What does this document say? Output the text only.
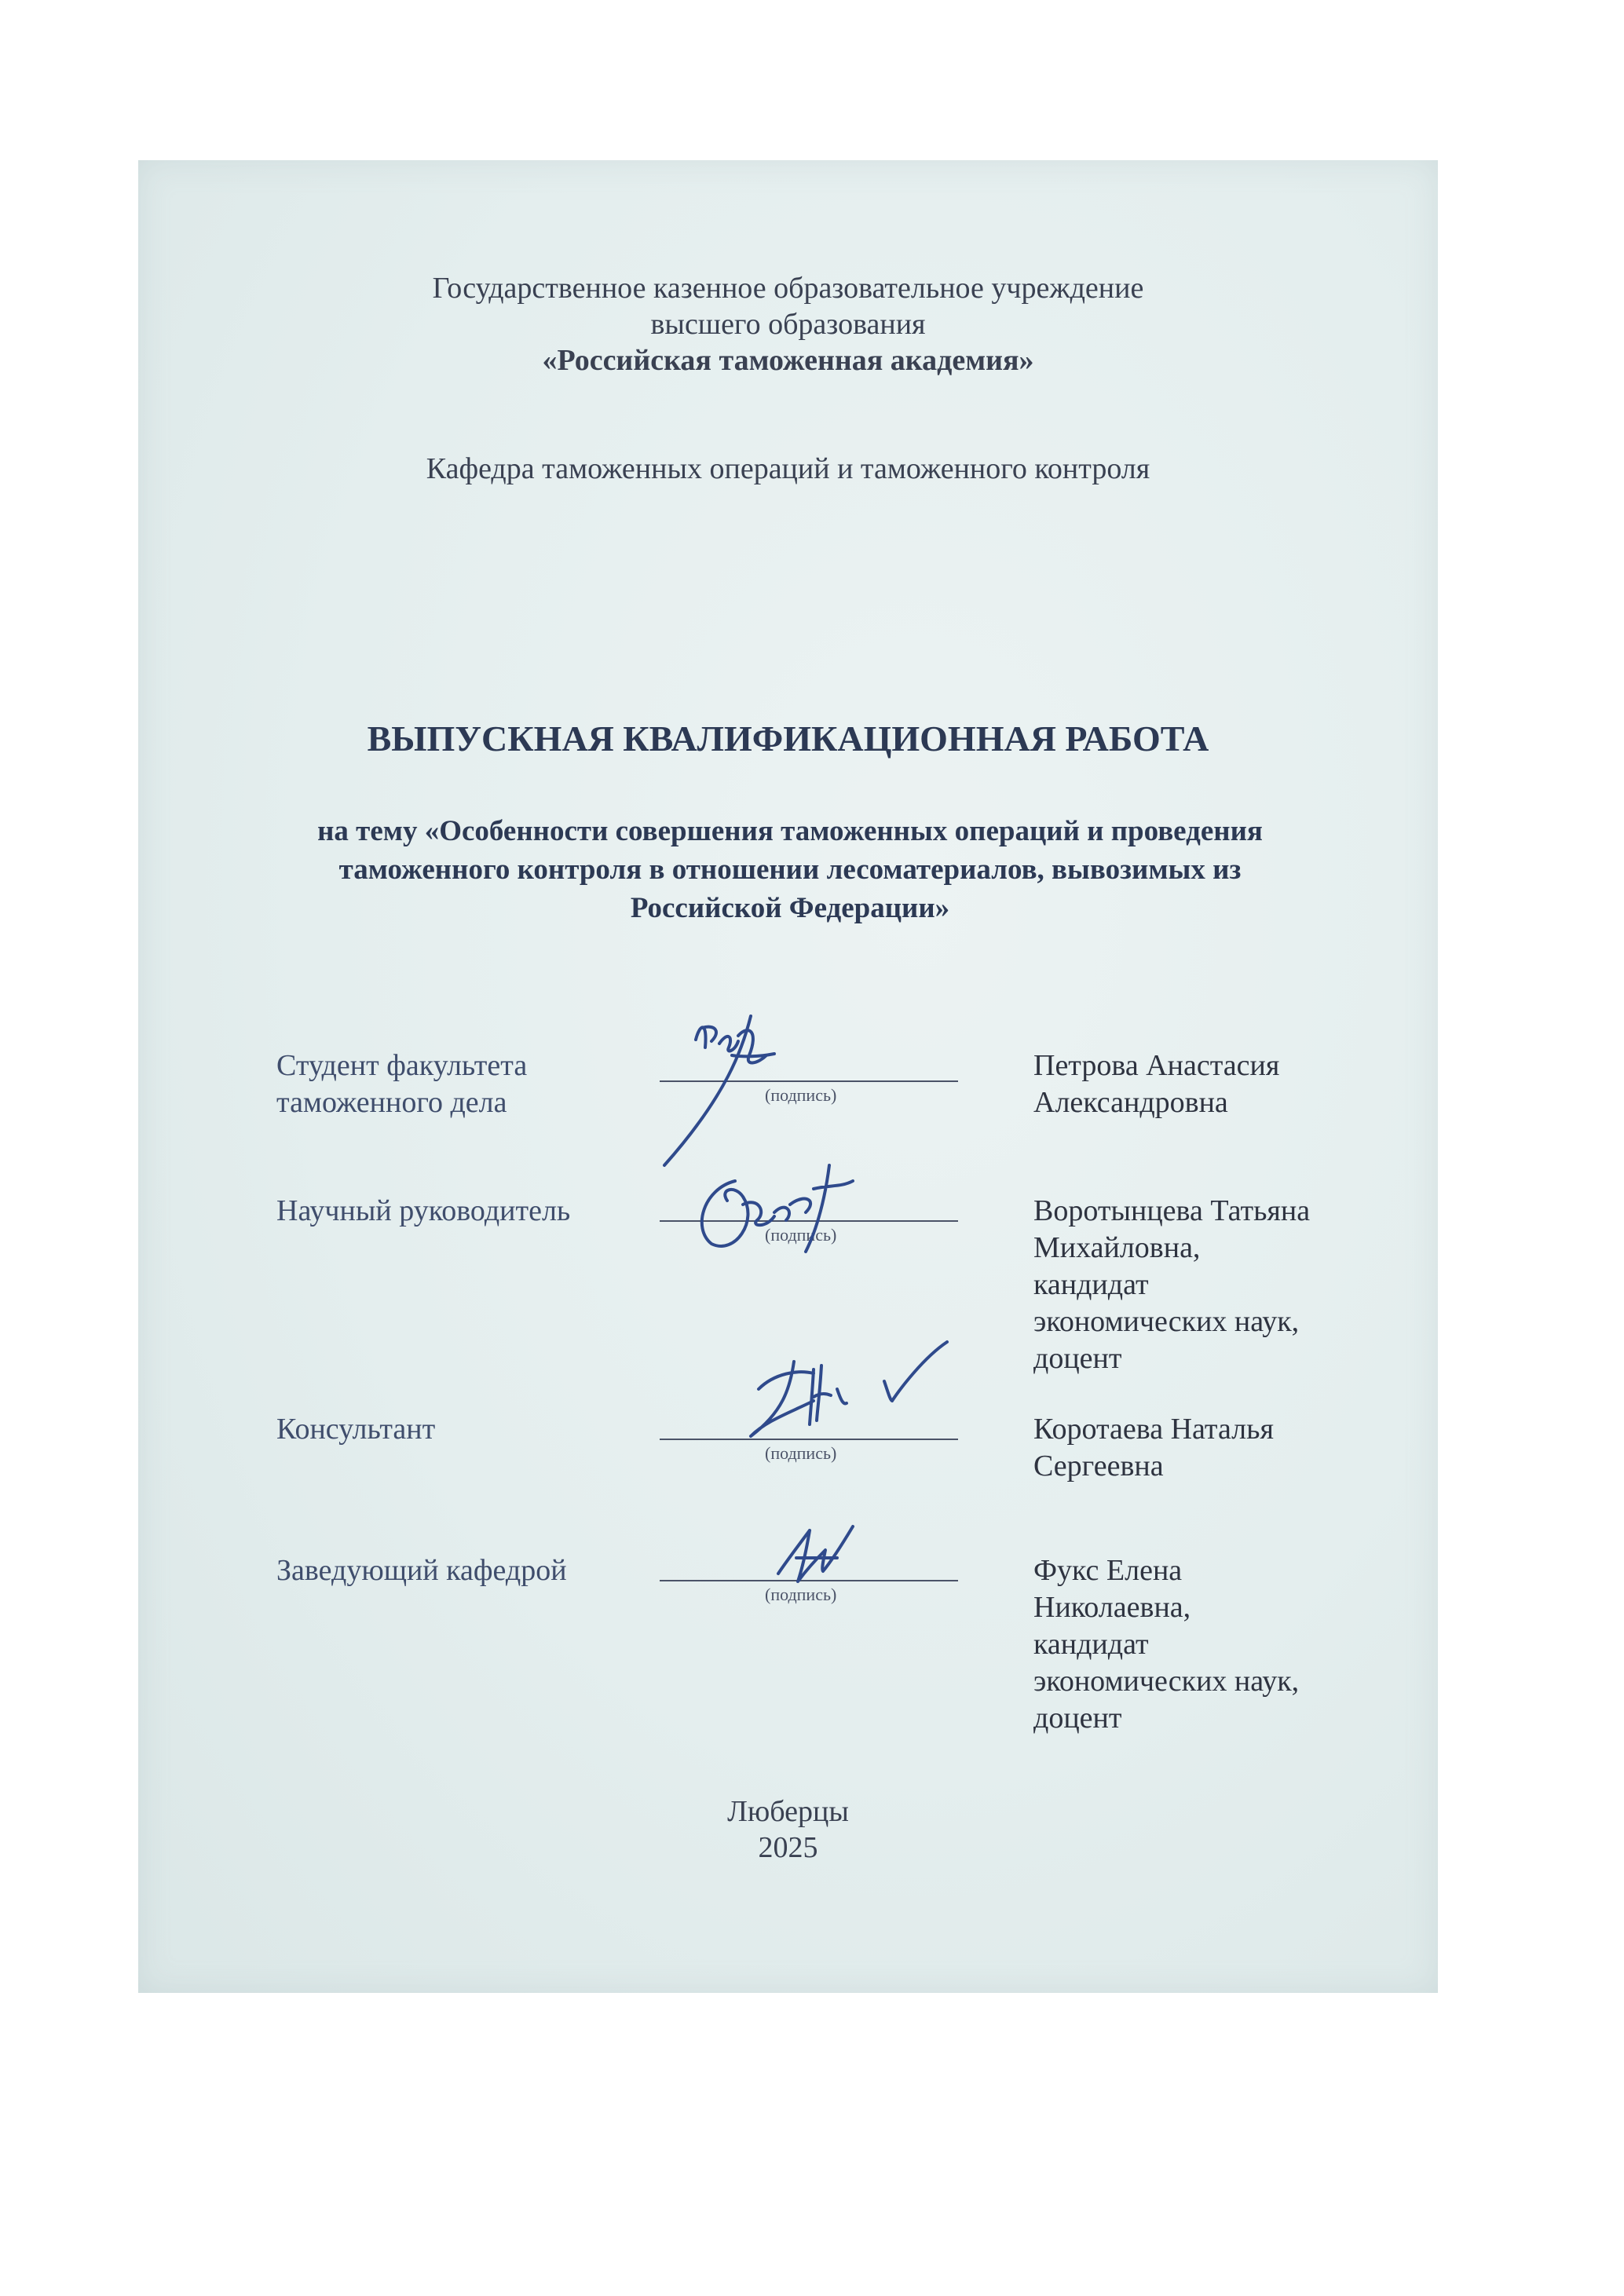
Государственное казенное образовательное учреждение
высшего образования
«Российская таможенная академия»
Кафедра таможенных операций и таможенного контроля
ВЫПУСКНАЯ КВАЛИФИКАЦИОННАЯ РАБОТА
на тему «Особенности совершения таможенных операций и проведения
таможенного контроля в отношении лесоматериалов, вывозимых из
Российской Федерации»
Студент факультета
таможенного дела	(подпись)
Петрова Анастасия
Александровна
Научный руководитель
(подпись)
Воротынцева Татьяна
Михайловна,
кандидат
экономических наук,
доцент
Консультант
(подпись)
Коротаева Наталья
Сергеевна
Заведующий кафедрой
(подпись)
Фукс Елена
Николаевна,
кандидат
экономических наук,
доцент
Люберцы
2025
